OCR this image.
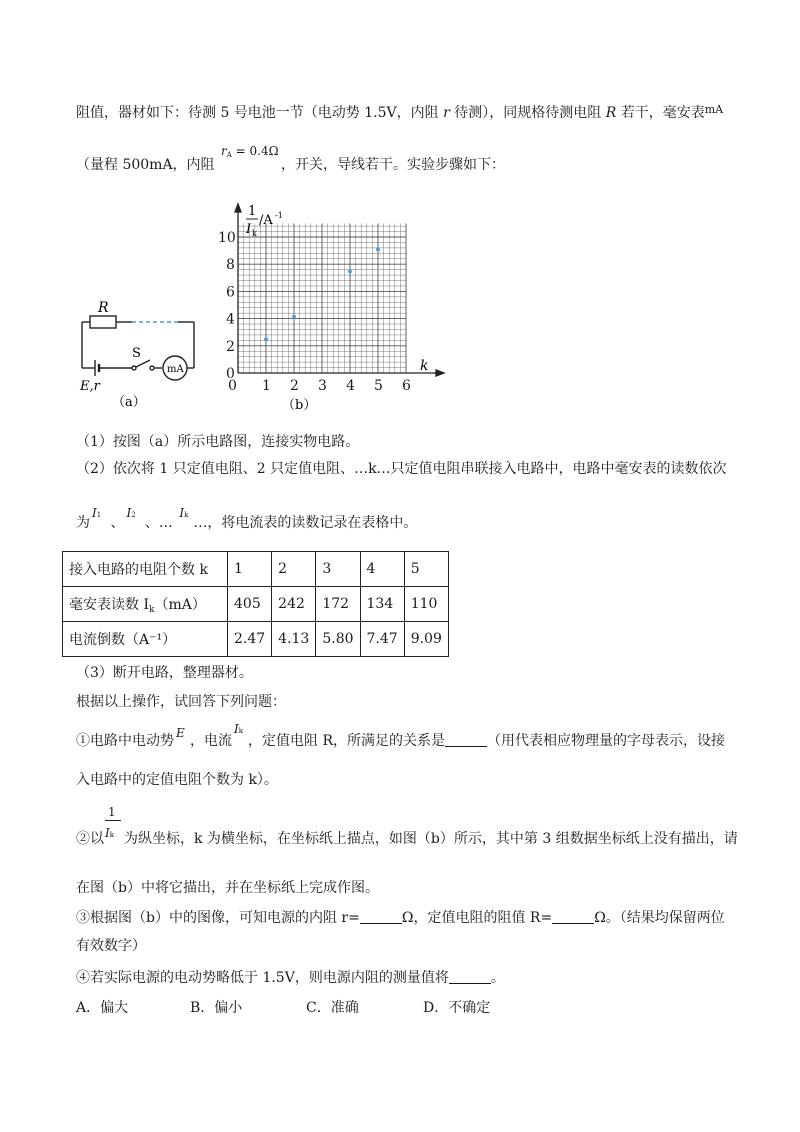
阻值，器材如下：待测 5 号电池一节（电动势 1.5V，内阻 r 待测），同规格待测电阻 R 若干，毫安表$^{mA}$
（量程 500mA，内阻
rA = 0.4Ω
，开关，导线若干。实验步骤如下：
R
S
mA
E,r
（a）
0
2
4
6
8
10
0 1 2 3 4 5 6
1
I k
/A -1
k
（b）
（1）按图（a）所示电路图，连接实物电路。
（2）依次将 1 只定值电阻、2 只定值电阻、…k…只定值电阻串联接入电路中，电路中毫安表的读数依次
为
I1 、
I2 、…
Ik …，将电流表的读数记录在表格中。
接入电路的电阻个数 k	1	2	3	4	5
毫安表读数 $I_k(mA)$	405	242	172	134	110
电流倒数（A⁻¹）	2.47	4.13	5.80	7.47	9.09
（3）断开电路，整理器材。
根据以上操作，试回答下列问题：
①电路中电动势 E ，电流
Ik
，定值电阻 R，所满足的关系是	（用代表相应物理量的字母表示，设接
入电路中的定值电阻个数为 k）。
②以 $\frac{1}{Ik}$ 为纵坐标，k 为横坐标，在坐标纸上描点，如图（b）所示，其中第 3 组数据坐标纸上没有描出，请
在图（b）中将它描出，并在坐标纸上完成作图。
③根据图（b）中的图像，可知电源的内阻 r=	Ω，定值电阻的阻值 R=	Ω。（结果均保留两位
有效数字）
④若实际电源的电动势略低于 1.5V，则电源内阻的测量值将	。
A．偏大	B．偏小	C．准确	D．不确定
